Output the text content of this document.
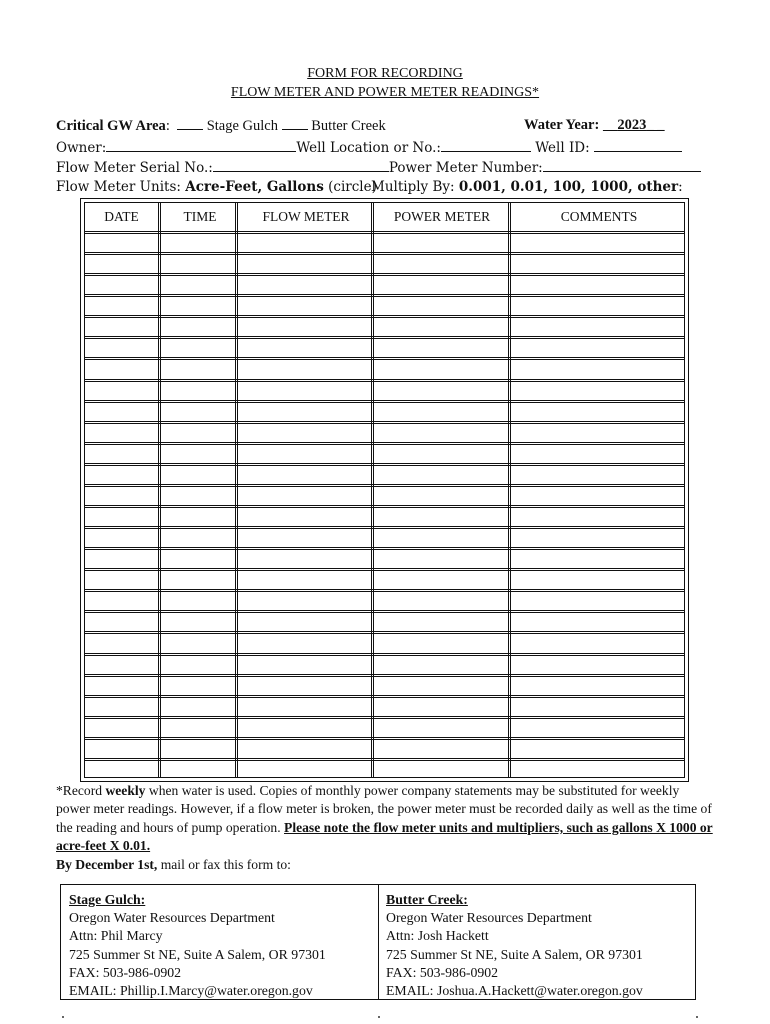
FORM FOR RECORDING
FLOW METER AND POWER METER READINGS*
Critical GW Area:   Stage Gulch Butter Creek	Water Year: 2023_ _
Owner:	Well Location or No.:	Well ID:
Flow Meter Serial No.:	Power Meter Number:
Flow Meter Units: Acre-Feet, Gallons (circle)
Multiply By: 0.001, 0.01, 100, 1000, other:
DATE	TIME	FLOW METER	POWER METER	COMMENTS

*Record weekly when water is used. Copies of monthly power company statements may be substituted for weekly power meter readings. However, if a flow meter is broken, the power meter must be recorded daily as well as the time of the reading and hours of pump operation. Please note the flow meter units and multipliers, such as gallons X 1000 or acre-feet X 0.01.

By December 1st, mail or fax this form to:

Stage Gulch:
Oregon Water Resources Department
Attn: Phil Marcy
725 Summer St NE, Suite A Salem, OR 97301
FAX: 503-986-0902
EMAIL: Phillip.I.Marcy@water.oregon.gov
Butter Creek:
Oregon Water Resources Department
Attn: Josh Hackett
725 Summer St NE, Suite A Salem, OR 97301
FAX: 503-986-0902
EMAIL: Joshua.A.Hackett@water.oregon.gov
